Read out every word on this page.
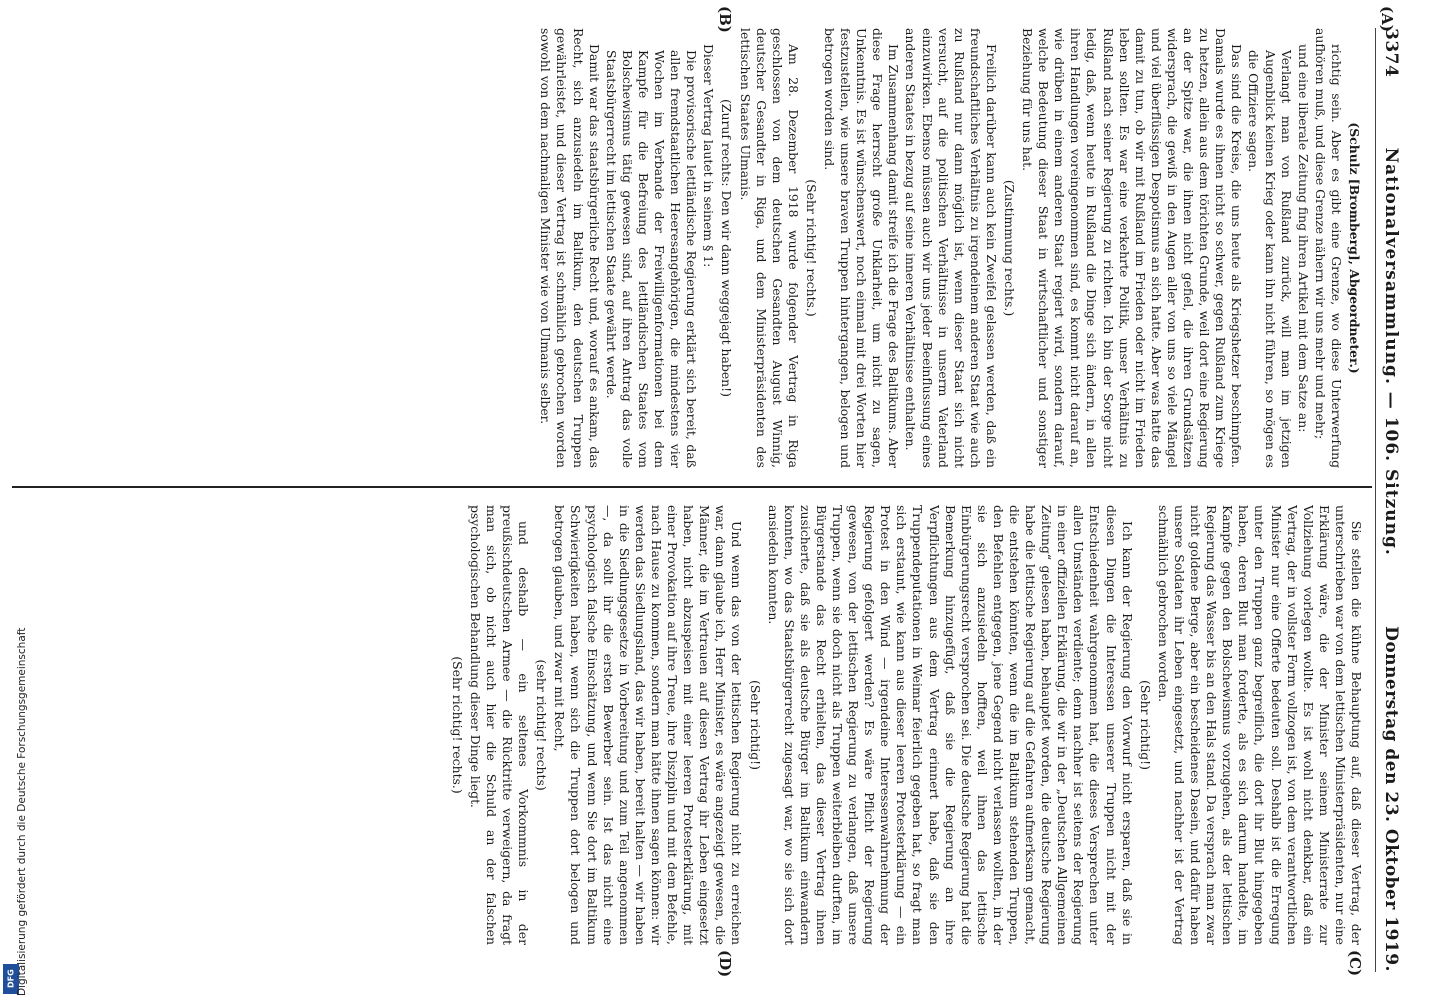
3374
Nationalversammlung. — 106. Sitzung.
Donnerstag den 23. Oktober 1919.
(A)
(B)
(C)
(D)

(Schulz [Bromberg], Abgeordneter.)

richtig sein. Aber es gibt eine Grenze, wo diese Unterwerfung aufhören muß, und diese Grenze nähern wir uns mehr und mehr;

und eine liberale Zeitung fing ihren Artikel mit dem Satze an:

Verlangt man von Rußland zurück, will man im jetzigen Augenblick keinen Krieg oder kann ihn nicht führen, so mögen es die Offiziere sagen.

Das sind die Kreise, die uns heute als Kriegshetzer beschimpfen. Damals wurde es ihnen nicht so schwer, gegen Rußland zum Kriege zu hetzen, allein aus dem törichten Grunde, weil dort eine Regierung an der Spitze war, die ihnen nicht gefiel, die ihren Grundsätzen widersprach, die gewiß in den Augen aller von uns so viele Mängel und viel überflüssigen Despotismus an sich hatte. Aber was hatte das damit zu tun, ob wir mit Rußland im Frieden oder nicht im Frieden leben sollten. Es war eine verkehrte Politik, unser Verhältnis zu Rußland nach seiner Regierung zu richten. Ich bin der Sorge nicht ledig, daß, wenn heute in Rußland die Dinge sich ändern, in allen ihren Handlungen voreingenommen sind, es kommt nicht darauf an, wie drüben in einem anderen Staat regiert wird, sondern darauf, welche Bedeutung dieser Staat in wirtschaftlicher und sonstiger Beziehung für uns hat.

(Zustimmung rechts.)

Freilich darüber kann auch kein Zweifel gelassen werden, daß ein freundschaftliches Verhältnis zu irgendeinem anderen Staat wie auch zu Rußland nur dann möglich ist, wenn dieser Staat sich nicht versucht, auf die politischen Verhältnisse in unserm Vaterland einzuwirken. Ebenso müssen auch wir uns jeder Beeinflussung eines anderen Staates in bezug auf seine inneren Verhältnisse enthalten.

Im Zusammenhang damit streife ich die Frage des Baltikums. Aber diese Frage herrscht große Unklarheit, um nicht zu sagen, Unkenntnis. Es ist wünschenswert, noch einmal mit drei Worten hier festzustellen, wie unsere braven Truppen hintergangen, belogen und betrogen worden sind.

(Sehr richtig! rechts.)

Am 28. Dezember 1918 wurde folgender Vertrag in Riga geschlossen von dem deutschen Gesandten August Winnig, deutscher Gesandter in Riga, und dem Ministerpräsidenten des lettischen Staates Ulmanis.

(Zuruf rechts: Den wir dann weggejagt haben!)

Dieser Vertrag lautet in seinem § 1:

Die provisorische lettländische Regierung erklärt sich bereit, daß allen fremdstaatlichen Heeresangehörigen, die mindestens vier Wochen im Verbande der Freiwilligenformationen bei dem Kampfe für die Befreiung des lettländischen Staates vom Bolschewismus tätig gewesen sind, auf ihren Antrag das volle Staatsbürgerrecht im lettischen Staate gewährt werde.

Damit war das staatsbürgerliche Recht und, worauf es ankam, das Recht, sich anzusiedeln im Baltikum, den deutschen Truppen gewährleistet, und dieser Vertrag ist schmählich gebrochen worden sowohl von dem nachmaligen Minister wie von Ulmanis selber.

Sie stellen die kühne Behauptung auf, daß dieser Vertrag, der unterschrieben war von dem lettischen Ministerpräsidenten, nur eine Erklärung wäre, die der Minister seinem Ministerrate zur Vollziehung vorlegen wollte. Es ist wohl nicht denkbar, daß ein Vertrag, der in vollster Form vollzogen ist, von dem verantwortlichen Minister nur eine Offerte bedeuten soll. Deshalb ist die Erregung unter den Truppen ganz begreiflich, die dort ihr Blut hingegeben haben, deren Blut man forderte, als es sich darum handelte, im Kampfe gegen den Bolschewismus vorzugehen, als der lettischen Regierung das Wasser bis an den Hals stand. Da versprach man zwar nicht goldene Berge, aber ein bescheidenes Dasein, und dafür haben unsere Soldaten ihr Leben eingesetzt, und nachher ist der Vertrag schmählich gebrochen worden.

(Sehr richtig!)

Ich kann der Regierung den Vorwurf nicht ersparen, daß sie in diesen Dingen die Interessen unserer Truppen nicht mit der Entschiedenheit wahrgenommen hat, die dieses Versprechen unter allen Umständen verdiente; denn nachher ist seitens der Regierung in einer offiziellen Erklärung, die wir in der „Deutschen Allgemeinen Zeitung“ gelesen haben, behauptet worden, die deutsche Regierung habe die lettische Regierung auf die Gefahren aufmerksam gemacht, die entstehen könnten, wenn die im Baltikum stehenden Truppen, den Befehlen entgegen, jene Gegend nicht verlassen wollten, in der sie sich anzusiedeln hofften, weil ihnen das lettische Einbürgerungsrecht versprochen sei. Die deutsche Regierung hat die Bemerkung hinzugefügt, daß sie die Regierung an ihre Verpflichtungen aus dem Vertrag erinnert habe, daß sie den Truppendeputationen in Weimar feierlich gegeben hat, so fragt man sich erstaunt, wie kann aus dieser leeren Protesterklärung — ein Protest in den Wind — irgendeine Interessenwahrnehmung der Regierung gefolgert werden? Es wäre Pflicht der Regierung gewesen, von der lettischen Regierung zu verlangen, daß unsere Truppen, wenn sie doch nicht als Truppen weiterbleiben durften, im Bürgerstande das Recht erhielten, das dieser Vertrag ihnen zusicherte, daß sie als deutsche Bürger im Baltikum einwandern konnten, wo das Staatsbürgerrecht zugesagt war, wo sie sich dort ansiedeln konnten.

(Sehr richtig!)

Und wenn das von der lettischen Regierung nicht zu erreichen war, dann glaube ich, Herr Minister, es wäre angezeigt gewesen, die Männer, die im Vertrauen auf diesen Vertrag ihr Leben eingesetzt haben, nicht abzuspeisen mit einer leeren Protesterklärung, mit einer Provokation auf ihre Treue, ihre Disziplin und mit dem Befehle, nach Hause zu kommen, sondern man hätte ihnen sagen können: wir werden das Siedlungsland, das wir haben, bereit halten — wir haben in die Siedlungsgesetze in Vorbereitung und zum Teil angenommen —, da sollt ihr die ersten Bewerber sein. Ist das nicht eine psychologisch falsche Einschätzung, und wenn Sie dort im Baltikum Schwierigkeiten haben, wenn sich die Truppen dort belogen und betrogen glauben, und zwar mit Recht,

(sehr richtig! rechts)

und deshalb — ein seltenes Vorkommnis in der preußischdeutschen Armee — die Rücktritte verweigern, da fragt man sich, ob nicht auch hier die Schuld an der falschen psychologischen Behandlung dieser Dinge liegt.

(Sehr richtig! rechts.)

DFG Digitalisierung gefördert durch die Deutsche Forschungsgemeinschaft
